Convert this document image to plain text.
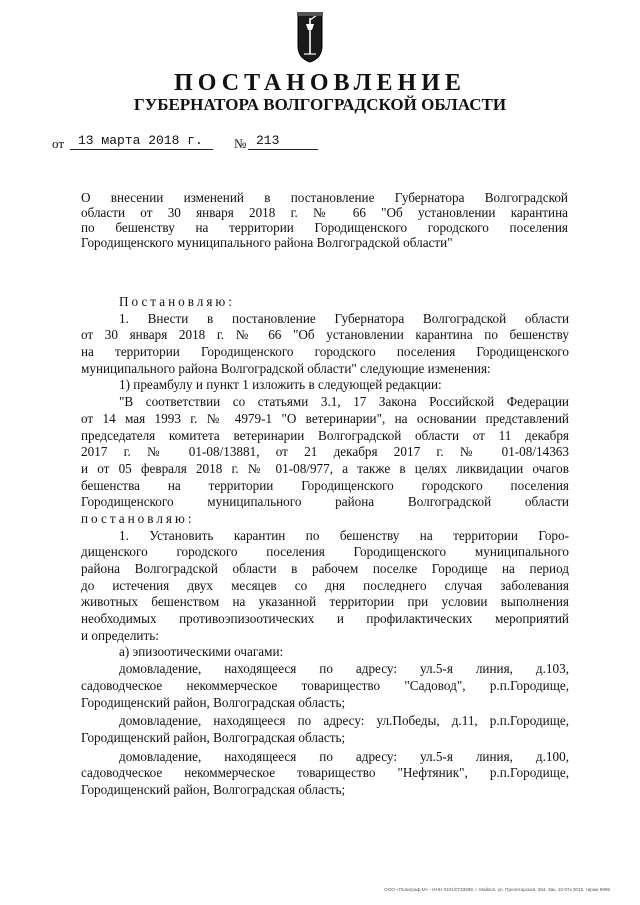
ПОСТАНОВЛЕНИЕ
ГУБЕРНАТОРА ВОЛГОГРАДСКОЙ ОБЛАСТИ
от	13 марта 2018 г.	№ 213
О внесении изменений в постановление Губернатора Волгоградской
области от 30 января 2018 г. № 66 "Об установлении карантина
по бешенству на территории Городищенского городского поселения
Городищенского муниципального района Волгоградской области"
Постановляю:
1. Внести в постановление Губернатора Волгоградской области
от 30 января 2018 г. № 66 "Об установлении карантина по бешенству
на территории Городищенского городского поселения Городищенского
муниципального района Волгоградской области" следующие изменения:
1) преамбулу и пункт 1 изложить в следующей редакции:
"В соответствии со статьями 3.1, 17 Закона Российской Федерации
от 14 мая 1993 г. № 4979-1 "О ветеринарии", на основании представлений
председателя комитета ветеринарии Волгоградской области от 11 декабря
2017 г. № 01-08/13881, от 21 декабря 2017 г. № 01-08/14363
и от 05 февраля 2018 г. № 01-08/977, а также в целях ликвидации очагов
бешенства на территории Городищенского городского поселения
Городищенского муниципального района Волгоградской области
постановляю:
1. Установить карантин по бешенству на территории Горо-
дищенского городского поселения Городищенского муниципального
района Волгоградской области в рабочем поселке Городище на период
до истечения двух месяцев со дня последнего случая заболевания
животных бешенством на указанной территории при условии выполнения
необходимых противоэпизоотических и профилактических мероприятий
и определить:
а) эпизоотическими очагами:
домовладение, находящееся по адресу: ул.5-я линия, д.103,
садоводческое некоммерческое товарищество "Садовод", р.п.Городище,
Городищенский район, Волгоградская область;
домовладение, находящееся по адресу: ул.Победы, д.11, р.п.Городище,
Городищенский район, Волгоградская область;
домовладение, находящееся по адресу: ул.5-я линия, д.100,
садоводческое некоммерческое товарищество "Нефтяник", р.п.Городище,
Городищенский район, Волгоградская область;
ООО «Полиграф-М» - ИНН 0101/0733689, г. Майкоп, ул. Пролетарская, 284. Зак. 10-07к 2015, тираж 9999
